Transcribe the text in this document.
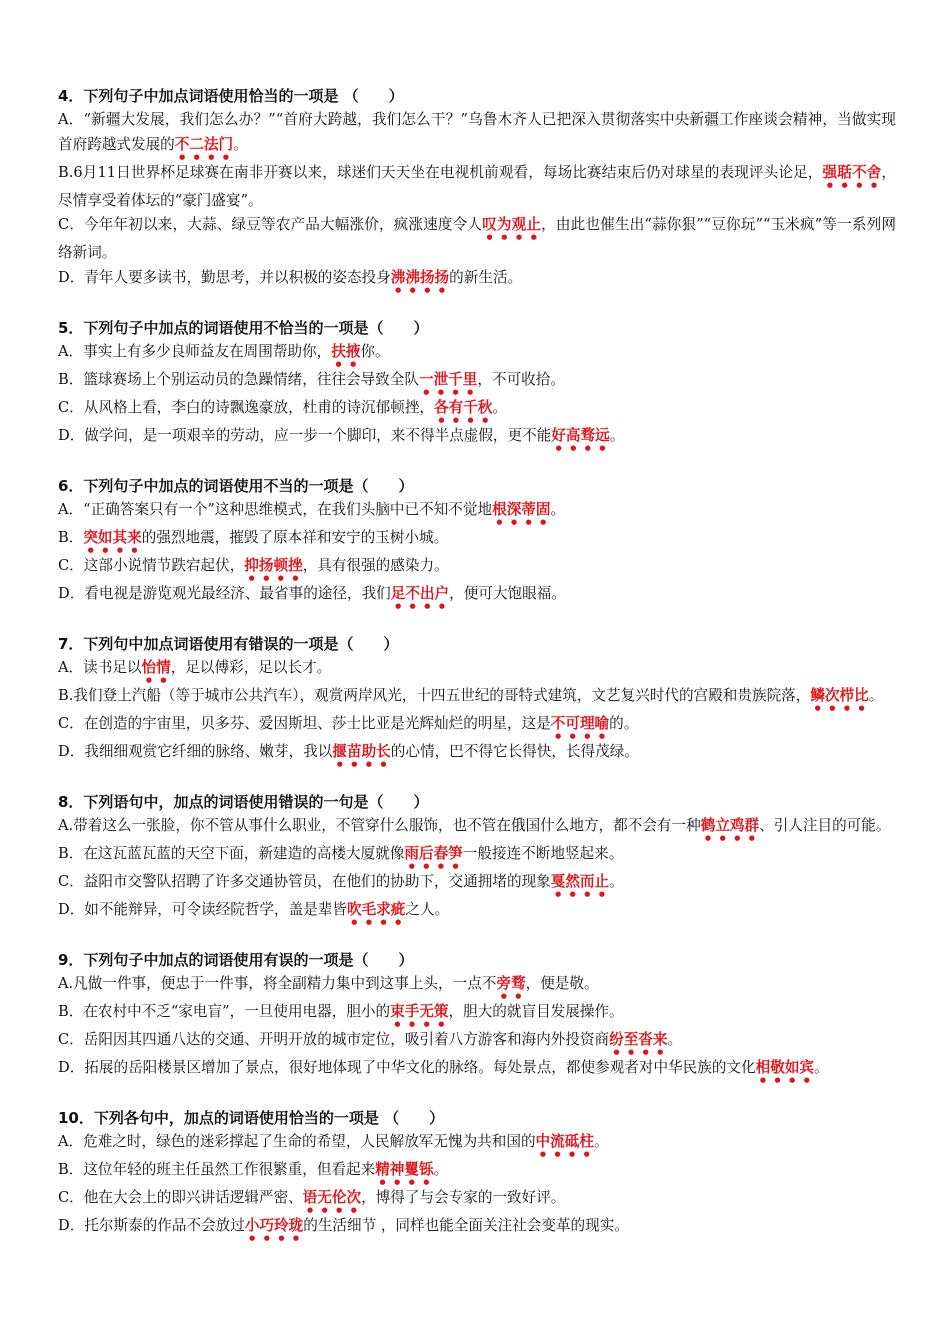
4．下列句子中加点词语使用恰当的一项是 （　　）
A．“新疆大发展，我们怎么办？”“首府大跨越，我们怎么干？”乌鲁木齐人已把深入贯彻落实中央新疆工作座谈会精神，当做实现首府跨越式发展的不二法门。
B.6月11日世界杯足球赛在南非开赛以来，球迷们天天坐在电视机前观看，每场比赛结束后仍对球星的表现评头论足，强聒不舍，尽情享受着体坛的“豪门盛宴”。
C．今年年初以来，大蒜、绿豆等农产品大幅涨价，疯涨速度令人叹为观止，由此也催生出“蒜你狠”“豆你玩”“玉米疯”等一系列网络新词。
D．青年人要多读书，勤思考，并以积极的姿态投身沸沸扬扬的新生活。
5．下列句子中加点的词语使用不恰当的一项是（　　）
A．事实上有多少良师益友在周围帮助你，扶掖你。
B．篮球赛场上个别运动员的急躁情绪，往往会导致全队一泄千里，不可收拾。
C．从风格上看，李白的诗飘逸豪放，杜甫的诗沉郁顿挫，各有千秋。
D．做学问，是一项艰辛的劳动，应一步一个脚印，来不得半点虚假，更不能好高骛远。
6．下列句子中加点的词语使用不当的一项是（　　）
A．“正确答案只有一个”这种思维模式，在我们头脑中已不知不觉地根深蒂固。
B．突如其来的强烈地震，摧毁了原本祥和安宁的玉树小城。
C．这部小说情节跌宕起伏，抑扬顿挫，具有很强的感染力。
D．看电视是游览观光最经济、最省事的途径，我们足不出户，便可大饱眼福。
7．下列句中加点词语使用有错误的一项是（　　）
A．读书足以怡情，足以傅彩，足以长才。
B.我们登上汽船（等于城市公共汽车），观赏两岸风光，十四五世纪的哥特式建筑，文艺复兴时代的宫殿和贵族院落，鳞次栉比。
C．在创造的宇宙里，贝多芬、爱因斯坦、莎士比亚是光辉灿烂的明星，这是不可理喻的。
D．我细细观赏它纤细的脉络、嫩芽，我以揠苗助长的心情，巴不得它长得快，长得茂绿。
8．下列语句中，加点的词语使用错误的一句是（　　）
A.带着这么一张脸，你不管从事什么职业，不管穿什么服饰，也不管在俄国什么地方，都不会有一种鹤立鸡群、引人注目的可能。
B．在这瓦蓝瓦蓝的天空下面，新建造的高楼大厦就像雨后春笋一般接连不断地竖起来。
C．益阳市交警队招聘了许多交通协管员，在他们的协助下，交通拥堵的现象戛然而止。
D．如不能辩异，可令读经院哲学，盖是辈皆吹毛求疵之人。
9．下列句子中加点的词语使用有误的一项是（　　）
A.凡做一件事，便忠于一件事，将全副精力集中到这事上头，一点不旁骛，便是敬。
B．在农村中不乏“家电盲”，一旦使用电器，胆小的束手无策，胆大的就盲目发展操作。
C．岳阳因其四通八达的交通、开明开放的城市定位，吸引着八方游客和海内外投资商纷至沓来。
D．拓展的岳阳楼景区增加了景点，很好地体现了中华文化的脉络。每处景点，都使参观者对中华民族的文化相敬如宾。
10．下列各句中，加点的词语使用恰当的一项是 （　　）
A．危难之时，绿色的迷彩撑起了生命的希望，人民解放军无愧为共和国的中流砥柱。
B．这位年轻的班主任虽然工作很繁重，但看起来精神矍铄。
C．他在大会上的即兴讲话逻辑严密、语无伦次，博得了与会专家的一致好评。
D．托尔斯泰的作品不会放过小巧玲珑的生活细节 ，同样也能全面关注社会变革的现实。
